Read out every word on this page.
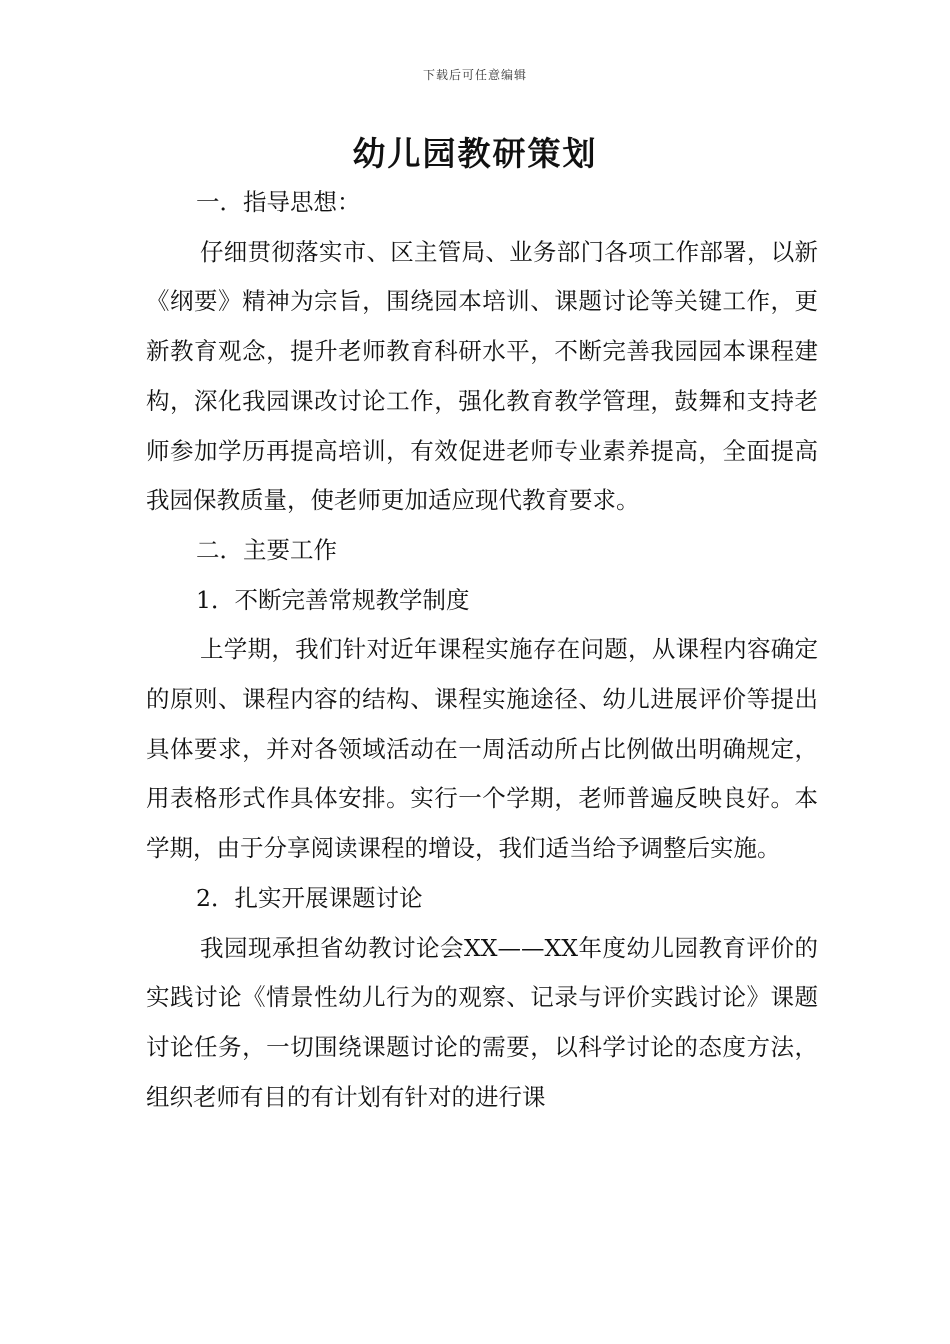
下载后可任意编辑
幼儿园教研策划

一．指导思想：

仔细贯彻落实市、区主管局、业务部门各项工作部署，以新《纲要》精神为宗旨，围绕园本培训、课题讨论等关键工作，更新教育观念，提升老师教育科研水平，不断完善我园园本课程建构，深化我园课改讨论工作，强化教育教学管理，鼓舞和支持老师参加学历再提高培训，有效促进老师专业素养提高，全面提高我园保教质量，使老师更加适应现代教育要求。

二．主要工作

1．不断完善常规教学制度

上学期，我们针对近年课程实施存在问题，从课程内容确定的原则、课程内容的结构、课程实施途径、幼儿进展评价等提出具体要求，并对各领域活动在一周活动所占比例做出明确规定，用表格形式作具体安排。实行一个学期，老师普遍反映良好。本学期，由于分享阅读课程的增设，我们适当给予调整后实施。

2．扎实开展课题讨论

我园现承担省幼教讨论会XX——XX年度幼儿园教育评价的实践讨论《情景性幼儿行为的观察、记录与评价实践讨论》课题讨论任务，一切围绕课题讨论的需要，以科学讨论的态度方法，组织老师有目的有计划有针对的进行课
